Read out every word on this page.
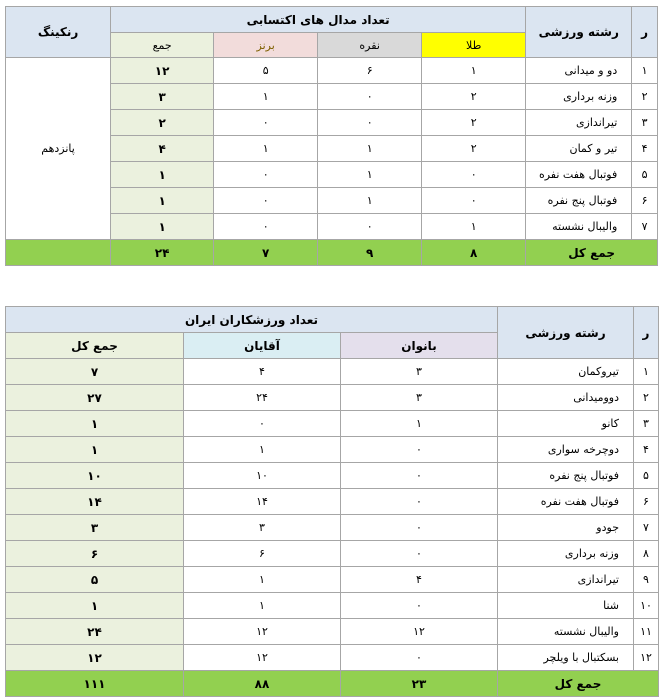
ر	رشته ورزشی	تعداد مدال های اکتسابی				رنکینگ
		طلا	نقره	برنز	جمع	
۱	دو و میدانی	۱	۶	۵	۱۲	پانزدهم
۲	وزنه برداری	۲	۰	۱	۳	
۳	تیراندازی	۲	۰	۰	۲	
۴	تیر و کمان	۲	۱	۱	۴	
۵	فوتبال هفت نفره	۰	۱	۰	۱	
۶	فوتبال پنج نفره	۰	۱	۰	۱	
۷	والیبال نشسته	۱	۰	۰	۱	
جمع کل		۸	۹	۷	۲۴	
ر	رشته ورزشی	تعداد ورزشکاران ایران		
		بانوان	آقایان	جمع کل
۱	تیروکمان	۳	۴	۷
۲	دوومیدانی	۳	۲۴	۲۷
۳	کانو	۱	۰	۱
۴	دوچرخه سواری	۰	۱	۱
۵	فوتبال پنج نفره	۰	۱۰	۱۰
۶	فوتبال هفت نفره	۰	۱۴	۱۴
۷	جودو	۰	۳	۳
۸	وزنه برداری	۰	۶	۶
۹	تیراندازی	۴	۱	۵
۱۰	شنا	۰	۱	۱
۱۱	والیبال نشسته	۱۲	۱۲	۲۴
۱۲	بسکتبال با ویلچر	۰	۱۲	۱۲
جمع کل		۲۳	۸۸	۱۱۱
